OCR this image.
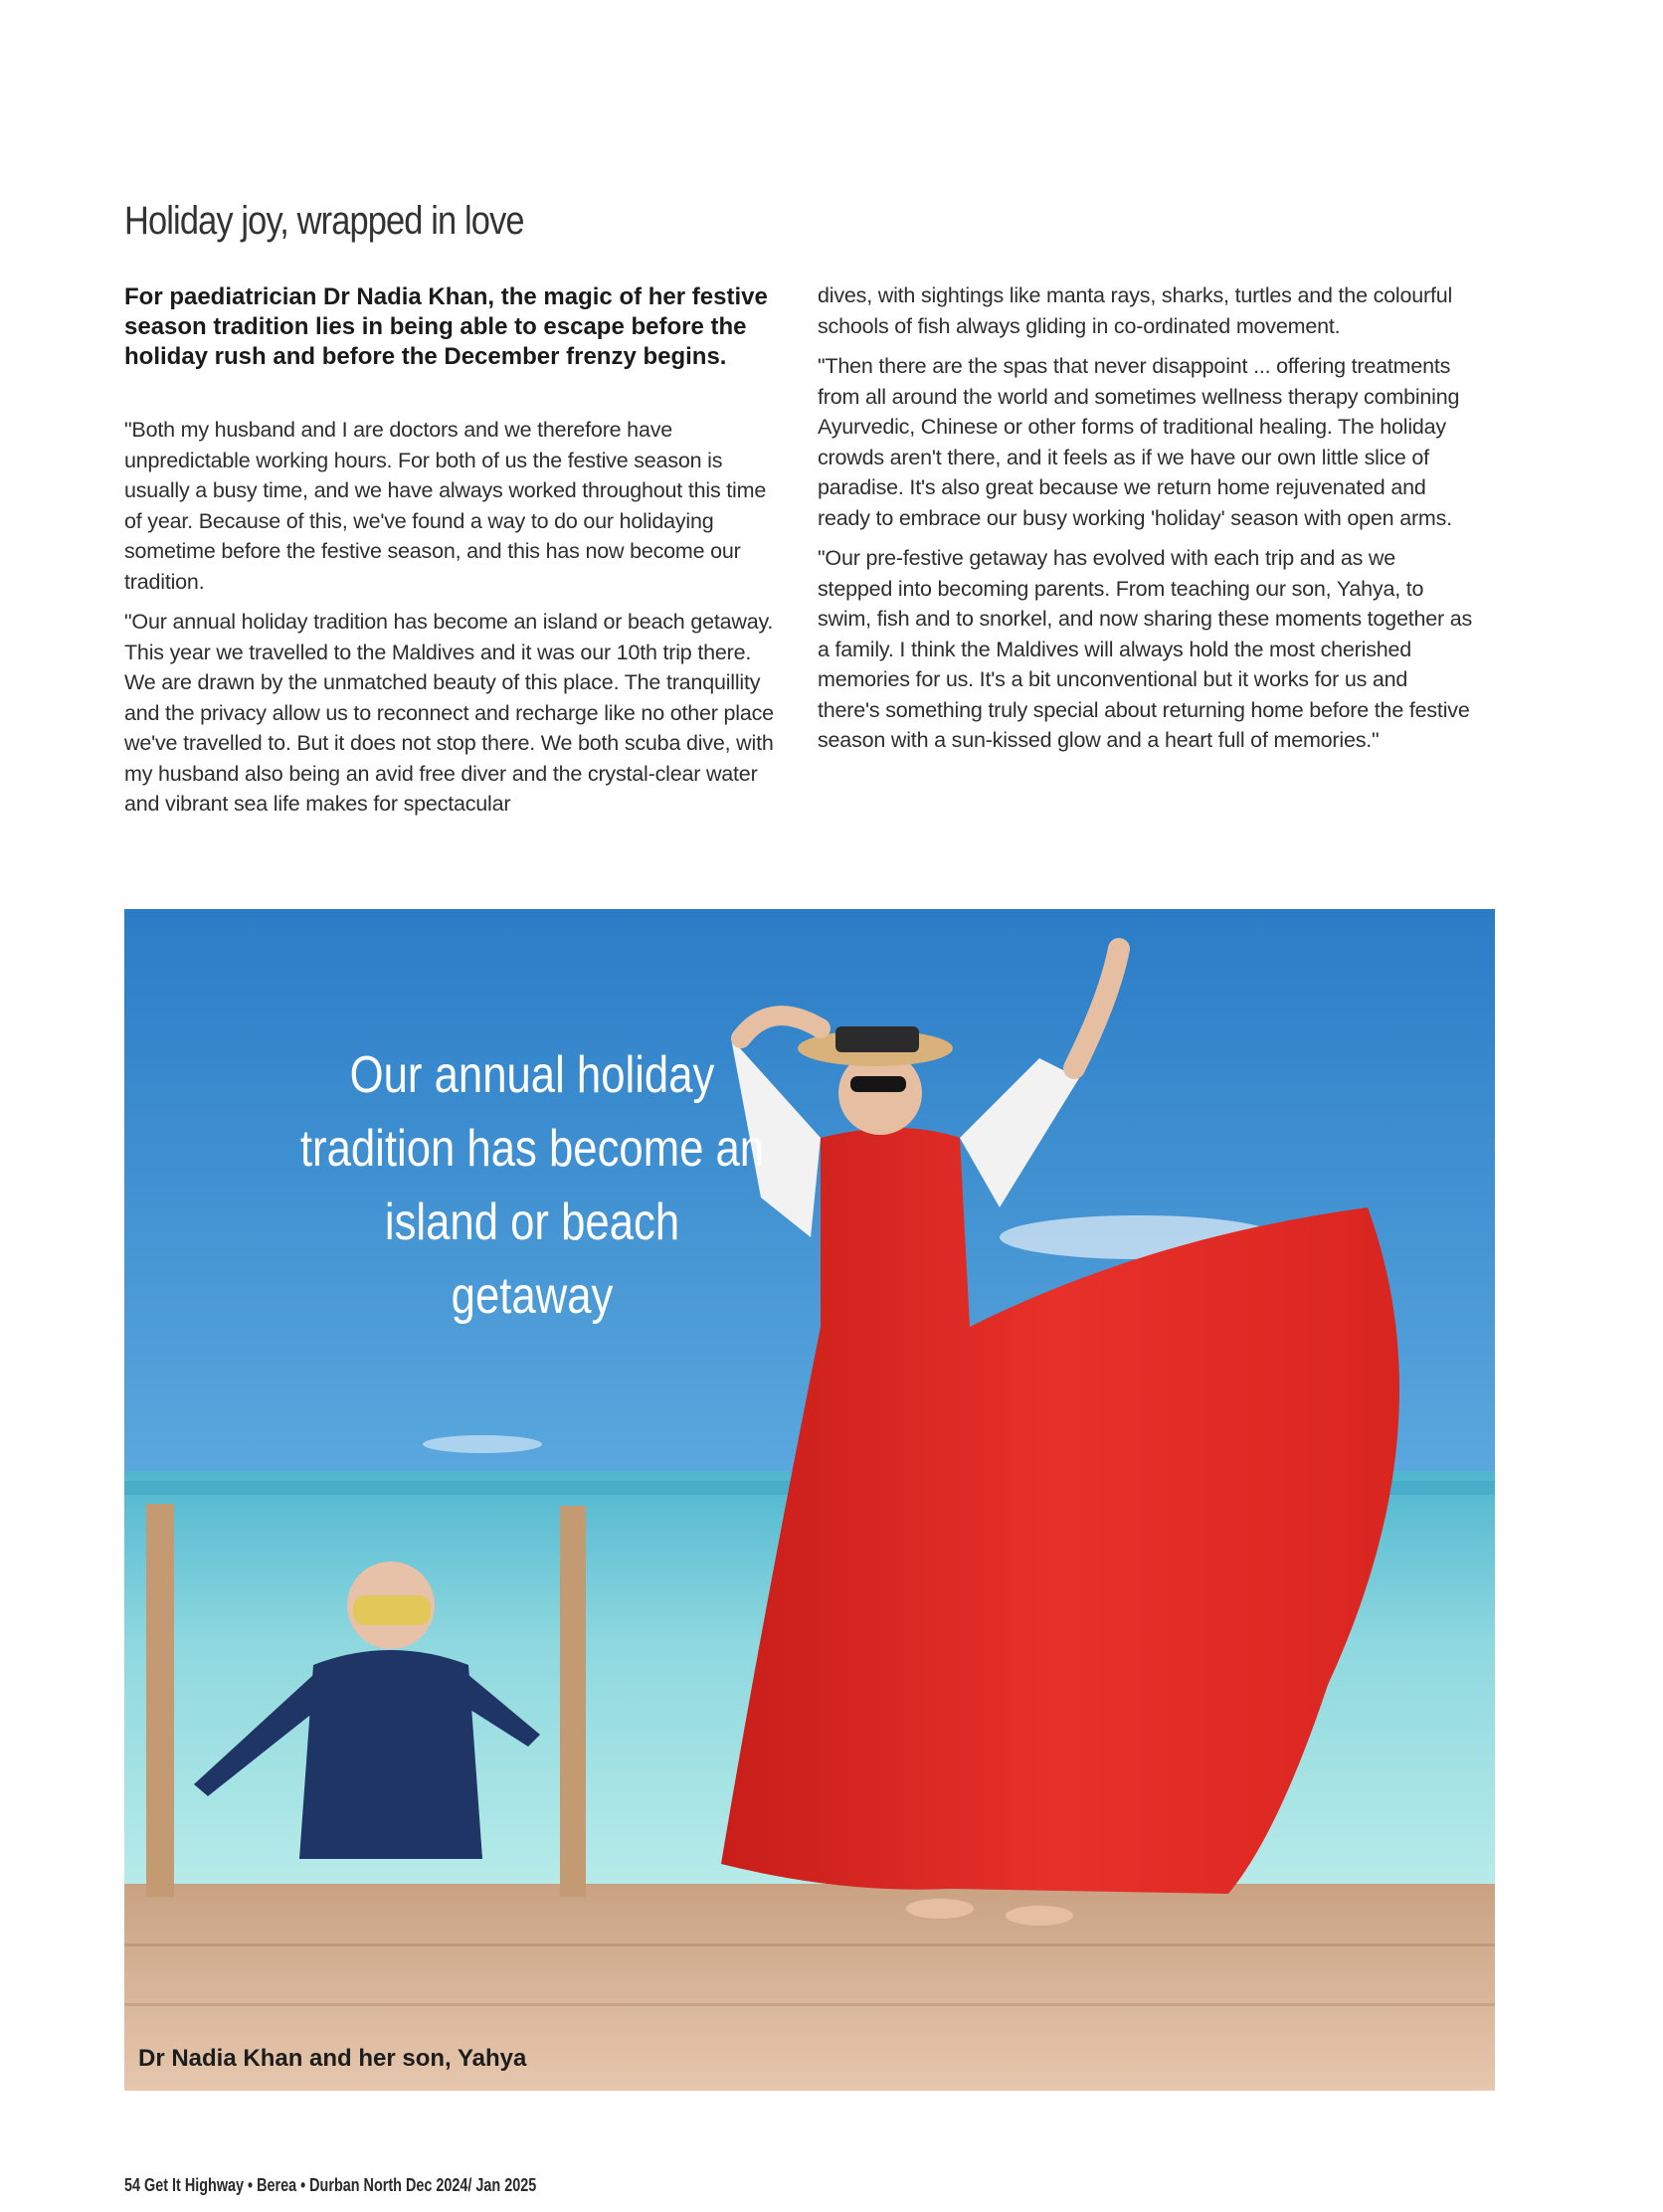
Holiday joy, wrapped in love

For paediatrician Dr Nadia Khan, the magic of her festive season tradition lies in being able to escape before the holiday rush and before the December frenzy begins.

"Both my husband and I are doctors and we therefore have unpredictable working hours. For both of us the festive season is usually a busy time, and we have always worked throughout this time of year. Because of this, we've found a way to do our holidaying sometime before the festive season, and this has now become our tradition.

"Our annual holiday tradition has become an island or beach getaway. This year we travelled to the Maldives and it was our 10th trip there. We are drawn by the unmatched beauty of this place. The tranquillity and the privacy allow us to reconnect and recharge like no other place we've travelled to. But it does not stop there. We both scuba dive, with my husband also being an avid free diver and the crystal-clear water and vibrant sea life makes for spectacular

dives, with sightings like manta rays, sharks, turtles and the colourful schools of fish always gliding in co-ordinated movement.

"Then there are the spas that never disappoint ... offering treatments from all around the world and sometimes wellness therapy combining Ayurvedic, Chinese or other forms of traditional healing. The holiday crowds aren't there, and it feels as if we have our own little slice of paradise. It's also great because we return home rejuvenated and ready to embrace our busy working 'holiday' season with open arms.

"Our pre-festive getaway has evolved with each trip and as we stepped into becoming parents. From teaching our son, Yahya, to swim, fish and to snorkel, and now sharing these moments together as a family. I think the Maldives will always hold the most cherished memories for us. It's a bit unconventional but it works for us and there's something truly special about returning home before the festive season with a sun-kissed glow and a heart full of memories."

Our annual holiday tradition has become an island or beach getaway

Dr Nadia Khan and her son, Yahya

54 Get It Highway • Berea • Durban North Dec 2024/ Jan 2025
